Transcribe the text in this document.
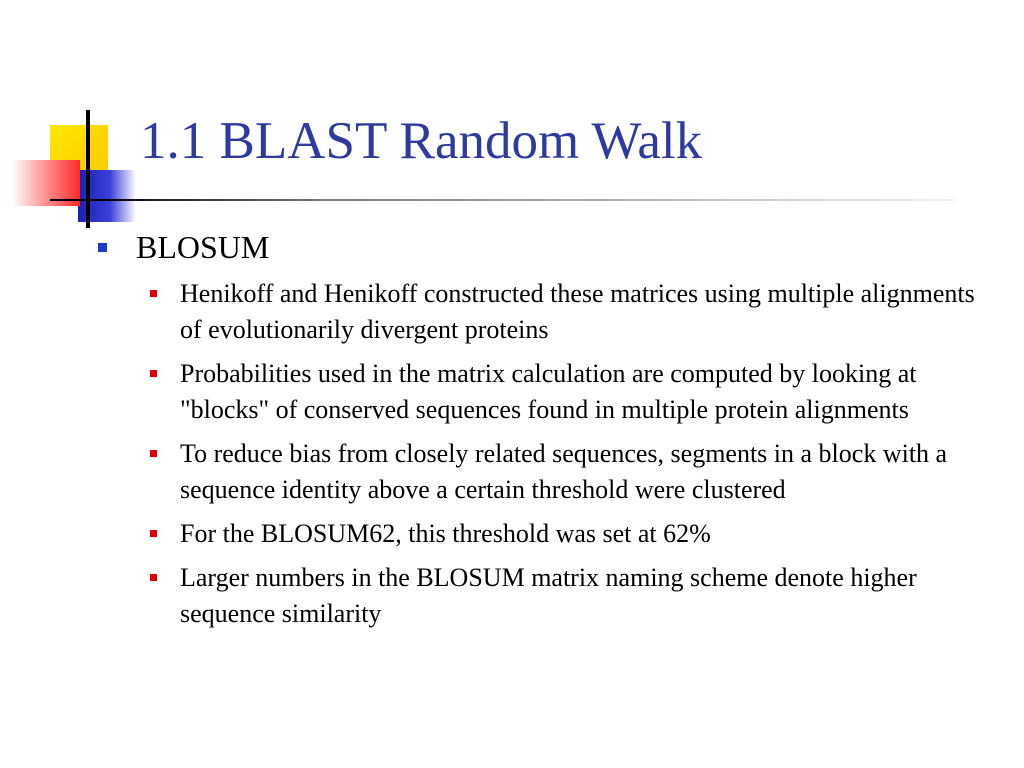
1.1 BLAST Random Walk
BLOSUM
Henikoff and Henikoff constructed these matrices using multiple alignments of evolutionarily divergent proteins
Probabilities used in the matrix calculation are computed by looking at "blocks" of conserved sequences found in multiple protein alignments
To reduce bias from closely related sequences, segments in a block with a sequence identity above a certain threshold were clustered
For the BLOSUM62, this threshold was set at 62%
Larger numbers in the BLOSUM matrix naming scheme denote higher sequence similarity
